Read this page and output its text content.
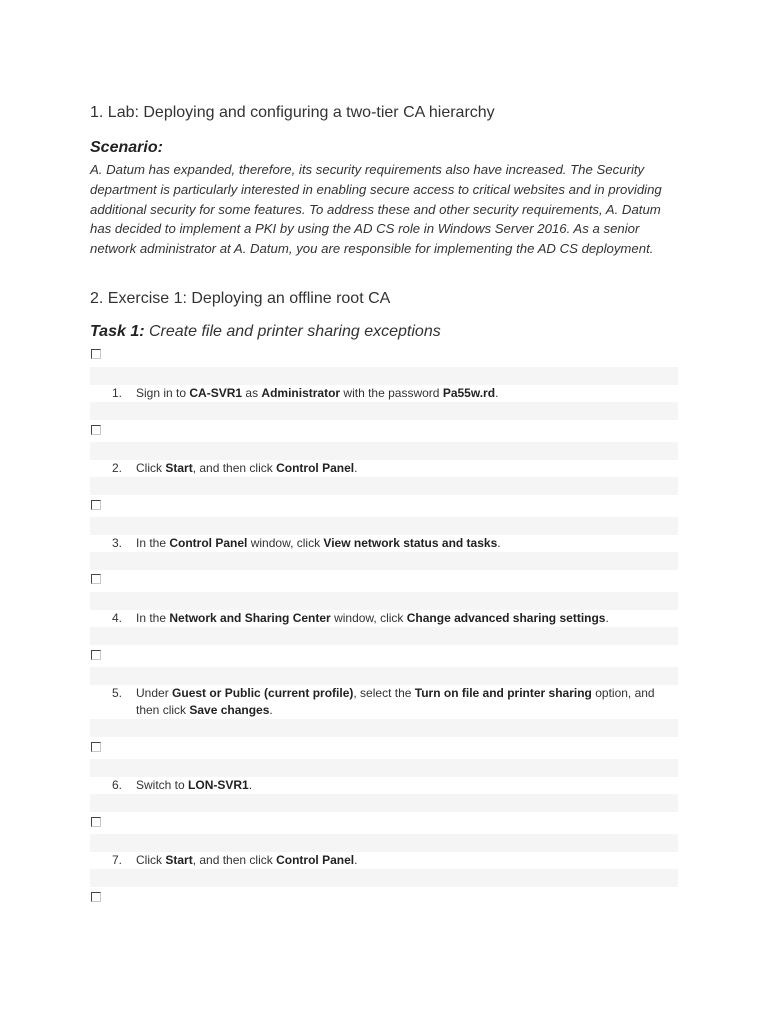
1. Lab: Deploying and configuring a two-tier CA hierarchy
Scenario:
A. Datum has expanded, therefore, its security requirements also have increased. The Security department is particularly interested in enabling secure access to critical websites and in providing additional security for some features. To address these and other security requirements, A. Datum has decided to implement a PKI by using the AD CS role in Windows Server 2016. As a senior network administrator at A. Datum, you are responsible for implementing the AD CS deployment.
2. Exercise 1: Deploying an offline root CA
Task 1: Create file and printer sharing exceptions
1.	Sign in to CA-SVR1 as Administrator with the password Pa55w.rd.
2.	Click Start, and then click Control Panel.
3.	In the Control Panel window, click View network status and tasks.
4.	In the Network and Sharing Center window, click Change advanced sharing settings.
5.	Under Guest or Public (current profile), select the Turn on file and printer sharing option, and then click Save changes.
6.	Switch to LON-SVR1.
7.	Click Start, and then click Control Panel.
